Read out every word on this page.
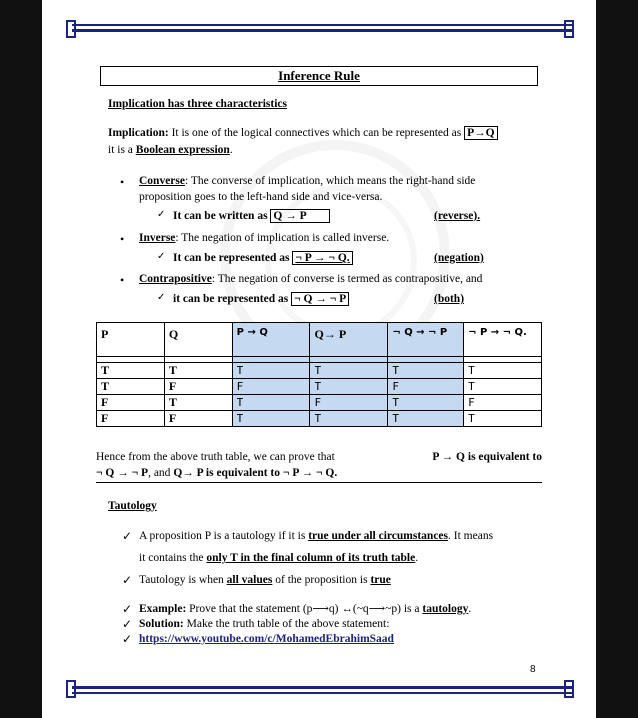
Inference Rule
Implication has three characteristics
Implication: It is one of the logical connectives which can be represented as P→Q
it is a Boolean expression.
• Converse: The converse of implication, which means the right-hand side
proposition goes to the left-hand side and vice-versa.
✓ It can be written as Q → P	(reverse).
• Inverse: The negation of implication is called inverse.
✓ It can be represented as ¬ P → ¬ Q.	(negation)
• Contrapositive: The negation of converse is termed as contrapositive, and
✓ it can be represented as ¬ Q → ¬ P	(both)
P	Q	P → Q	Q→ P	¬ Q → ¬ P	¬ P → ¬ Q.

T	T	T	T	T	T
T	F	F	T	F	T
F	T	T	F	T	F
F	F	T	T	T	T
Hence from the above truth table, we can prove that	P → Q is equivalent to
¬ Q → ¬ P, and Q→ P is equivalent to ¬ P → ¬ Q.
Tautology
✓ A proposition P is a tautology if it is true under all circumstances. It means
it contains the only T in the final column of its truth table.
✓ Tautology is when all values of the proposition is true
✓ Example: Prove that the statement (p⟶q) ↔(~q⟶~p) is a tautology.
✓ Solution: Make the truth table of the above statement:
✓ https://www.youtube.com/c/MohamedEbrahimSaad
8
